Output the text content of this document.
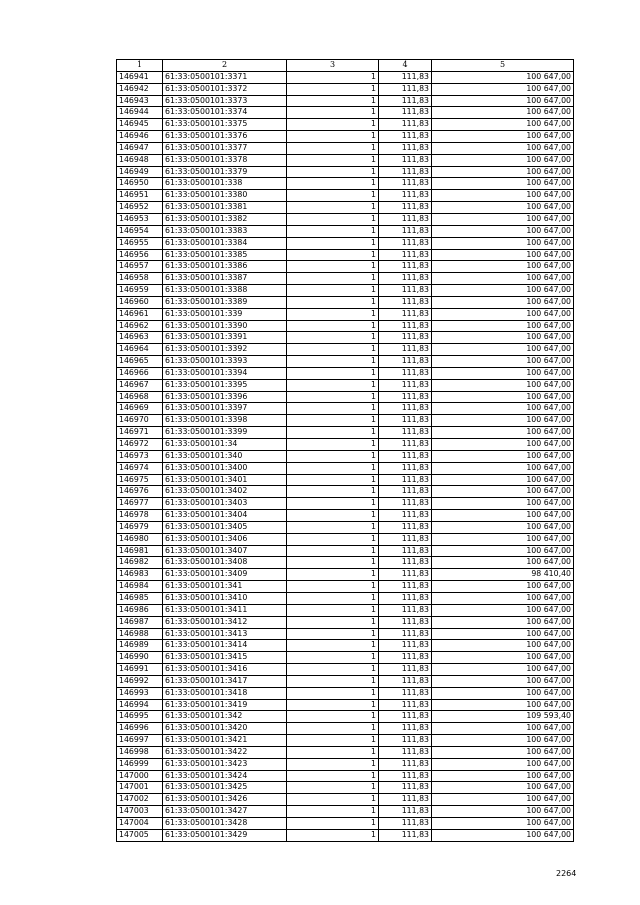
1	2	3	4	5
146941	61:33:0500101:3371	1	111,83	100 647,00
146942	61:33:0500101:3372	1	111,83	100 647,00
146943	61:33:0500101:3373	1	111,83	100 647,00
146944	61:33:0500101:3374	1	111,83	100 647,00
146945	61:33:0500101:3375	1	111,83	100 647,00
146946	61:33:0500101:3376	1	111,83	100 647,00
146947	61:33:0500101:3377	1	111,83	100 647,00
146948	61:33:0500101:3378	1	111,83	100 647,00
146949	61:33:0500101:3379	1	111,83	100 647,00
146950	61:33:0500101:338	1	111,83	100 647,00
146951	61:33:0500101:3380	1	111,83	100 647,00
146952	61:33:0500101:3381	1	111,83	100 647,00
146953	61:33:0500101:3382	1	111,83	100 647,00
146954	61:33:0500101:3383	1	111,83	100 647,00
146955	61:33:0500101:3384	1	111,83	100 647,00
146956	61:33:0500101:3385	1	111,83	100 647,00
146957	61:33:0500101:3386	1	111,83	100 647,00
146958	61:33:0500101:3387	1	111,83	100 647,00
146959	61:33:0500101:3388	1	111,83	100 647,00
146960	61:33:0500101:3389	1	111,83	100 647,00
146961	61:33:0500101:339	1	111,83	100 647,00
146962	61:33:0500101:3390	1	111,83	100 647,00
146963	61:33:0500101:3391	1	111,83	100 647,00
146964	61:33:0500101:3392	1	111,83	100 647,00
146965	61:33:0500101:3393	1	111,83	100 647,00
146966	61:33:0500101:3394	1	111,83	100 647,00
146967	61:33:0500101:3395	1	111,83	100 647,00
146968	61:33:0500101:3396	1	111,83	100 647,00
146969	61:33:0500101:3397	1	111,83	100 647,00
146970	61:33:0500101:3398	1	111,83	100 647,00
146971	61:33:0500101:3399	1	111,83	100 647,00
146972	61:33:0500101:34	1	111,83	100 647,00
146973	61:33:0500101:340	1	111,83	100 647,00
146974	61:33:0500101:3400	1	111,83	100 647,00
146975	61:33:0500101:3401	1	111,83	100 647,00
146976	61:33:0500101:3402	1	111,83	100 647,00
146977	61:33:0500101:3403	1	111,83	100 647,00
146978	61:33:0500101:3404	1	111,83	100 647,00
146979	61:33:0500101:3405	1	111,83	100 647,00
146980	61:33:0500101:3406	1	111,83	100 647,00
146981	61:33:0500101:3407	1	111,83	100 647,00
146982	61:33:0500101:3408	1	111,83	100 647,00
146983	61:33:0500101:3409	1	111,83	98 410,40
146984	61:33:0500101:341	1	111,83	100 647,00
146985	61:33:0500101:3410	1	111,83	100 647,00
146986	61:33:0500101:3411	1	111,83	100 647,00
146987	61:33:0500101:3412	1	111,83	100 647,00
146988	61:33:0500101:3413	1	111,83	100 647,00
146989	61:33:0500101:3414	1	111,83	100 647,00
146990	61:33:0500101:3415	1	111,83	100 647,00
146991	61:33:0500101:3416	1	111,83	100 647,00
146992	61:33:0500101:3417	1	111,83	100 647,00
146993	61:33:0500101:3418	1	111,83	100 647,00
146994	61:33:0500101:3419	1	111,83	100 647,00
146995	61:33:0500101:342	1	111,83	109 593,40
146996	61:33:0500101:3420	1	111,83	100 647,00
146997	61:33:0500101:3421	1	111,83	100 647,00
146998	61:33:0500101:3422	1	111,83	100 647,00
146999	61:33:0500101:3423	1	111,83	100 647,00
147000	61:33:0500101:3424	1	111,83	100 647,00
147001	61:33:0500101:3425	1	111,83	100 647,00
147002	61:33:0500101:3426	1	111,83	100 647,00
147003	61:33:0500101:3427	1	111,83	100 647,00
147004	61:33:0500101:3428	1	111,83	100 647,00
147005	61:33:0500101:3429	1	111,83	100 647,00
2264
